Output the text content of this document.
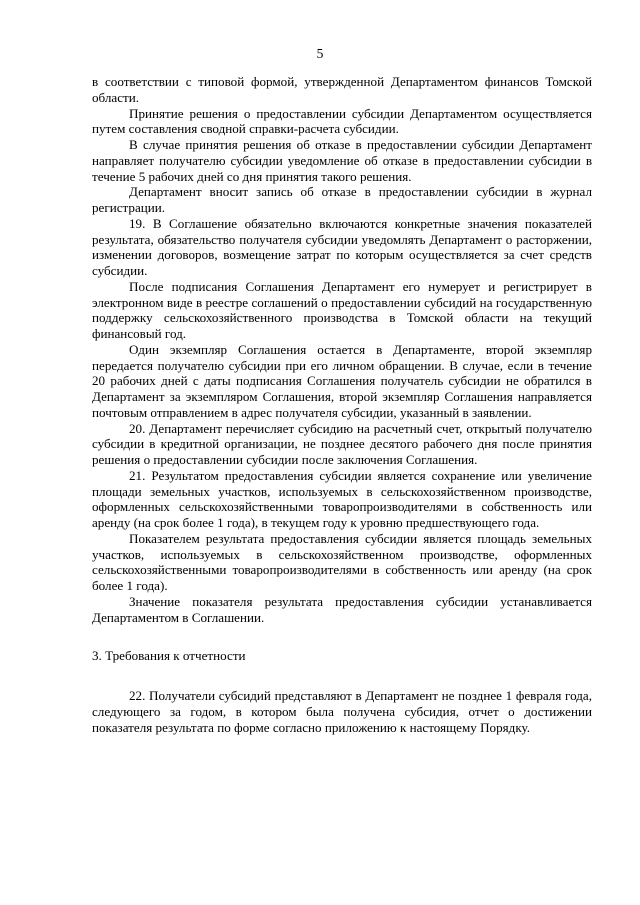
5

в соответствии с типовой формой, утвержденной Департаментом финансов Томской области.

Принятие решения о предоставлении субсидии Департаментом осуществляется путем составления сводной справки-расчета субсидии.

В случае принятия решения об отказе в предоставлении субсидии Департамент направляет получателю субсидии уведомление об отказе в предоставлении субсидии в течение 5 рабочих дней со дня принятия такого решения.

Департамент вносит запись об отказе в предоставлении субсидии в журнал регистрации.

19. В Соглашение обязательно включаются конкретные значения показателей результата, обязательство получателя субсидии уведомлять Департамент о расторжении, изменении договоров, возмещение затрат по которым осуществляется за счет средств субсидии.

После подписания Соглашения Департамент его нумерует и регистрирует в электронном виде в реестре соглашений о предоставлении субсидий на государственную поддержку сельскохозяйственного производства в Томской области на текущий финансовый год.

Один экземпляр Соглашения остается в Департаменте, второй экземпляр передается получателю субсидии при его личном обращении. В случае, если в течение 20 рабочих дней с даты подписания Соглашения получатель субсидии не обратился в Департамент за экземпляром Соглашения, второй экземпляр Соглашения направляется почтовым отправлением в адрес получателя субсидии, указанный в заявлении.

20. Департамент перечисляет субсидию на расчетный счет, открытый получателю субсидии в кредитной организации, не позднее десятого рабочего дня после принятия решения о предоставлении субсидии после заключения Соглашения.

21. Результатом предоставления субсидии является сохранение или увеличение площади земельных участков, используемых в сельскохозяйственном производстве, оформленных сельскохозяйственными товаропроизводителями в собственность или аренду (на срок более 1 года), в текущем году к уровню предшествующего года.

Показателем результата предоставления субсидии является площадь земельных участков, используемых в сельскохозяйственном производстве, оформленных сельскохозяйственными товаропроизводителями в собственность или аренду (на срок более 1 года).

Значение показателя результата предоставления субсидии устанавливается Департаментом в Соглашении.

3. Требования к отчетности

22. Получатели субсидий представляют в Департамент не позднее 1 февраля года, следующего за годом, в котором была получена субсидия, отчет о достижении показателя результата по форме согласно приложению к настоящему Порядку.
